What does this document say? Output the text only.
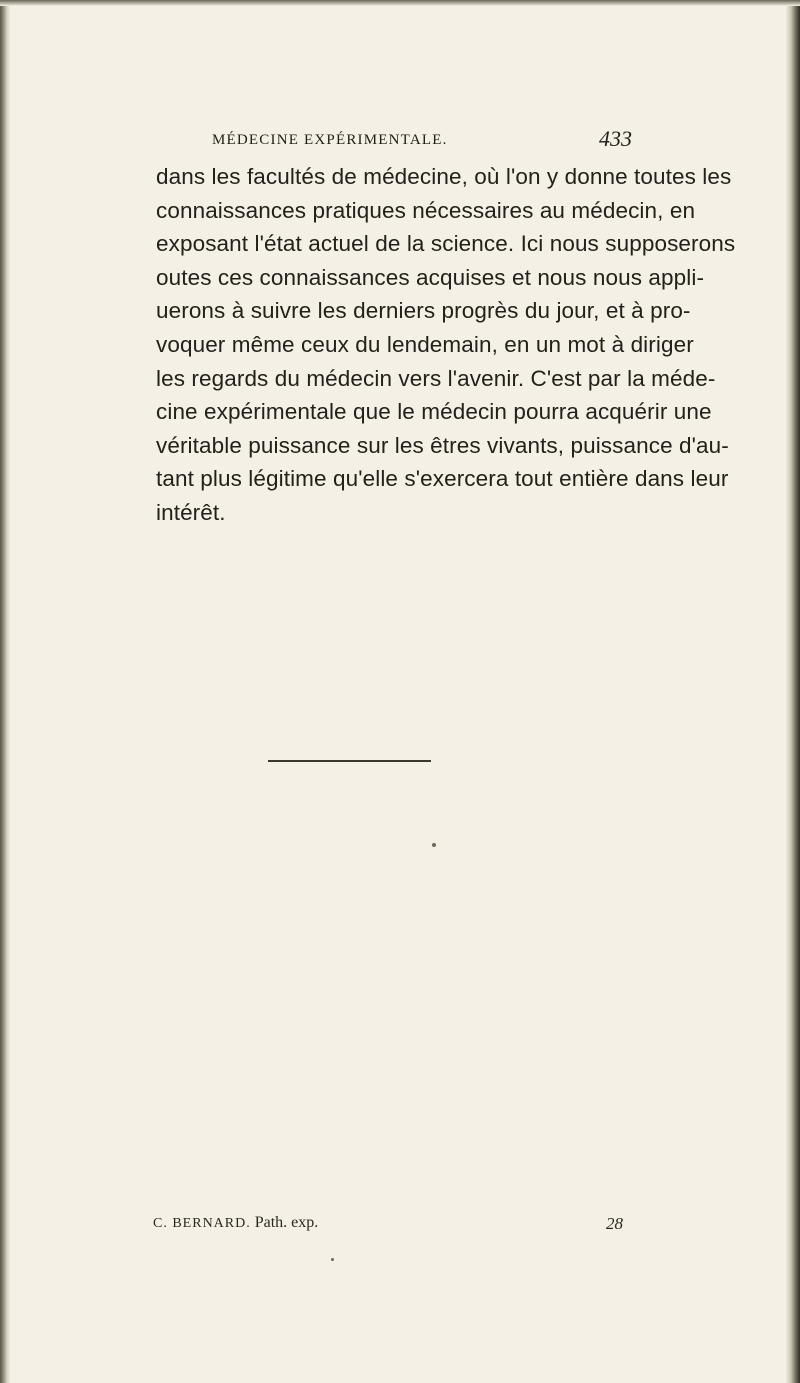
MÉDECINE EXPÉRIMENTALE.	433
dans les facultés de médecine, où l'on y donne toutes les
connaissances pratiques nécessaires au médecin, en
exposant l'état actuel de la science. Ici nous supposerons
outes ces connaissances acquises et nous nous appli-
uerons à suivre les derniers progrès du jour, et à pro-
voquer même ceux du lendemain, en un mot à diriger
les regards du médecin vers l'avenir. C'est par la méde-
cine expérimentale que le médecin pourra acquérir une
véritable puissance sur les êtres vivants, puissance d'au-
tant plus légitime qu'elle s'exercera tout entière dans leur
intérêt.
C. BERNARD. Path. exp.	28
